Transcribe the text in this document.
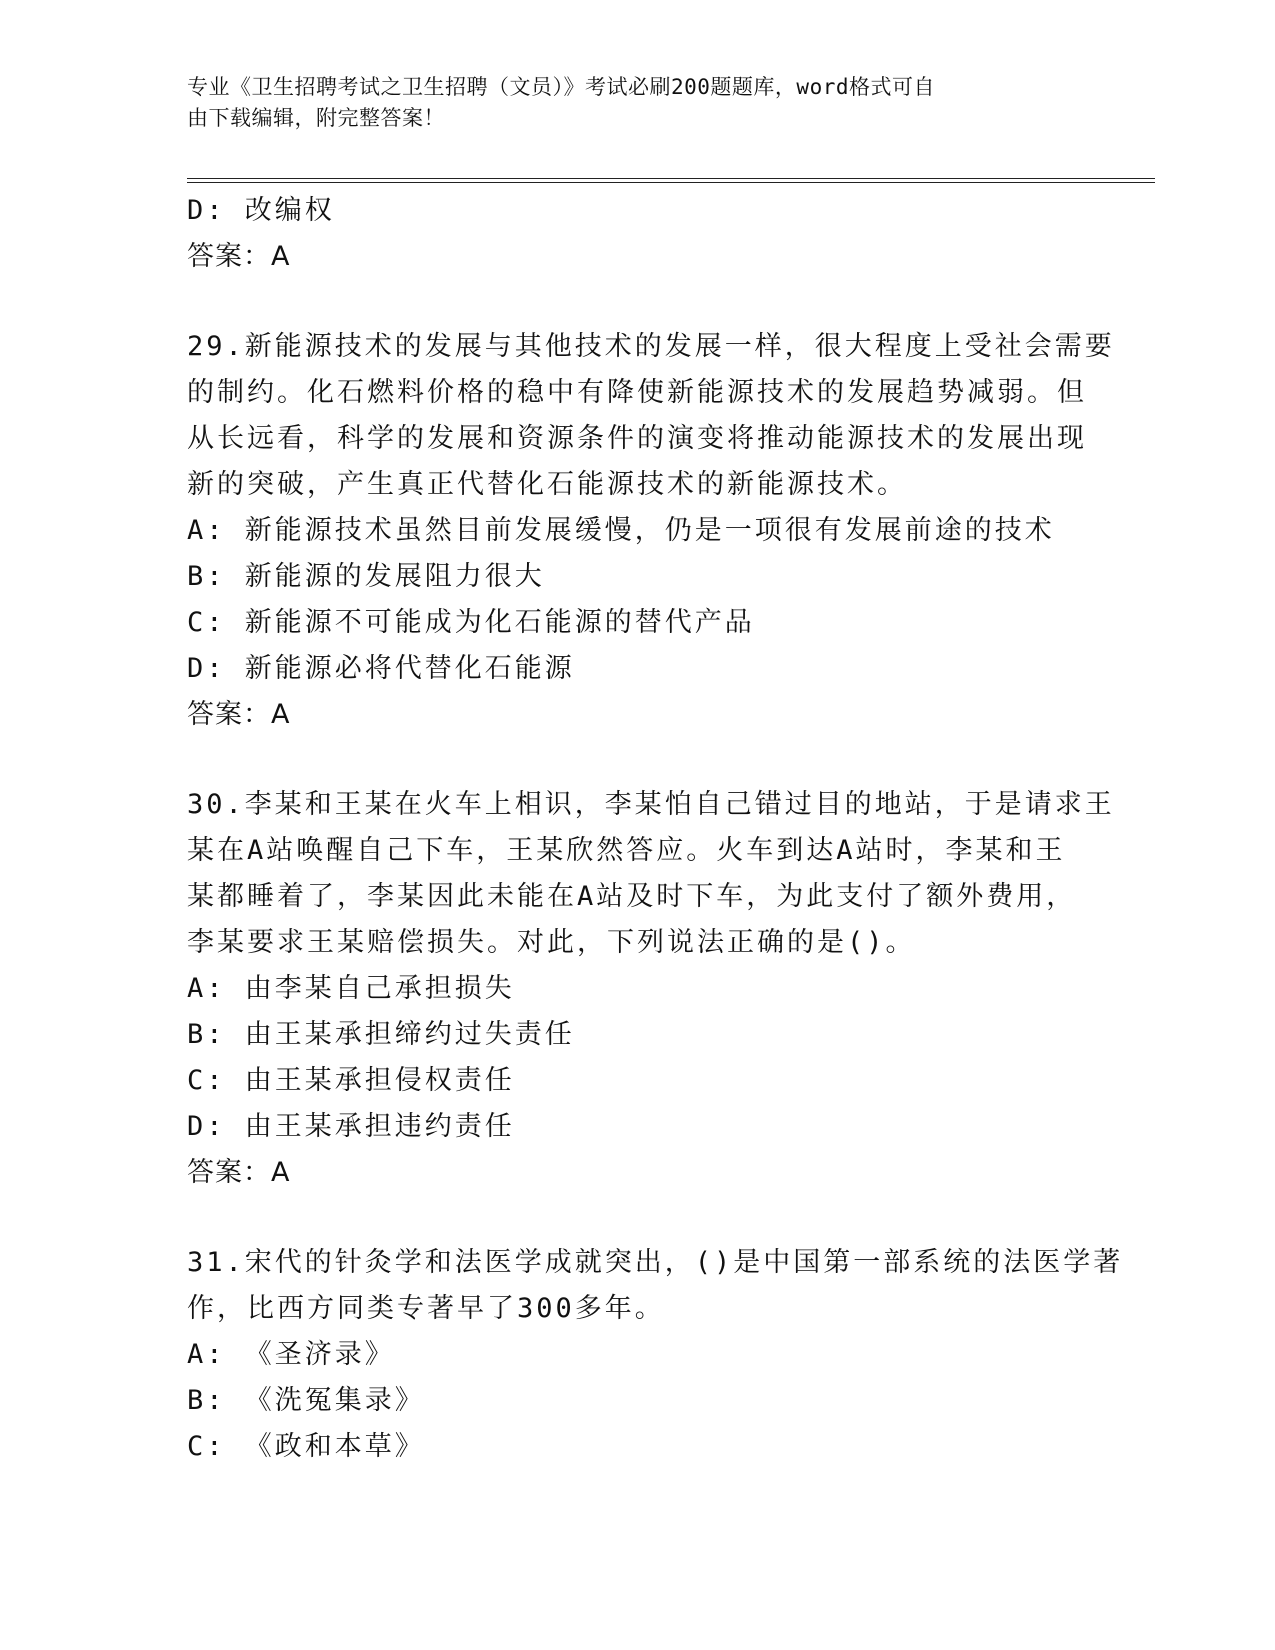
专业《卫生招聘考试之卫生招聘（文员）》考试必刷200题题库，word格式可自
由下载编辑，附完整答案！
D: 改编权
答案：A
29.新能源技术的发展与其他技术的发展一样，很大程度上受社会需要
的制约。化石燃料价格的稳中有降使新能源技术的发展趋势减弱。但
从长远看，科学的发展和资源条件的演变将推动能源技术的发展出现
新的突破，产生真正代替化石能源技术的新能源技术。
A: 新能源技术虽然目前发展缓慢，仍是一项很有发展前途的技术
B: 新能源的发展阻力很大
C: 新能源不可能成为化石能源的替代产品
D: 新能源必将代替化石能源
答案：A
30.李某和王某在火车上相识，李某怕自己错过目的地站，于是请求王
某在A站唤醒自己下车，王某欣然答应。火车到达A站时，李某和王
某都睡着了，李某因此未能在A站及时下车，为此支付了额外费用，
李某要求王某赔偿损失。对此，下列说法正确的是()。
A: 由李某自己承担损失
B: 由王某承担缔约过失责任
C: 由王某承担侵权责任
D: 由王某承担违约责任
答案：A
31.宋代的针灸学和法医学成就突出，()是中国第一部系统的法医学著
作，比西方同类专著早了300多年。
A: 《圣济录》
B: 《洗冤集录》
C: 《政和本草》
